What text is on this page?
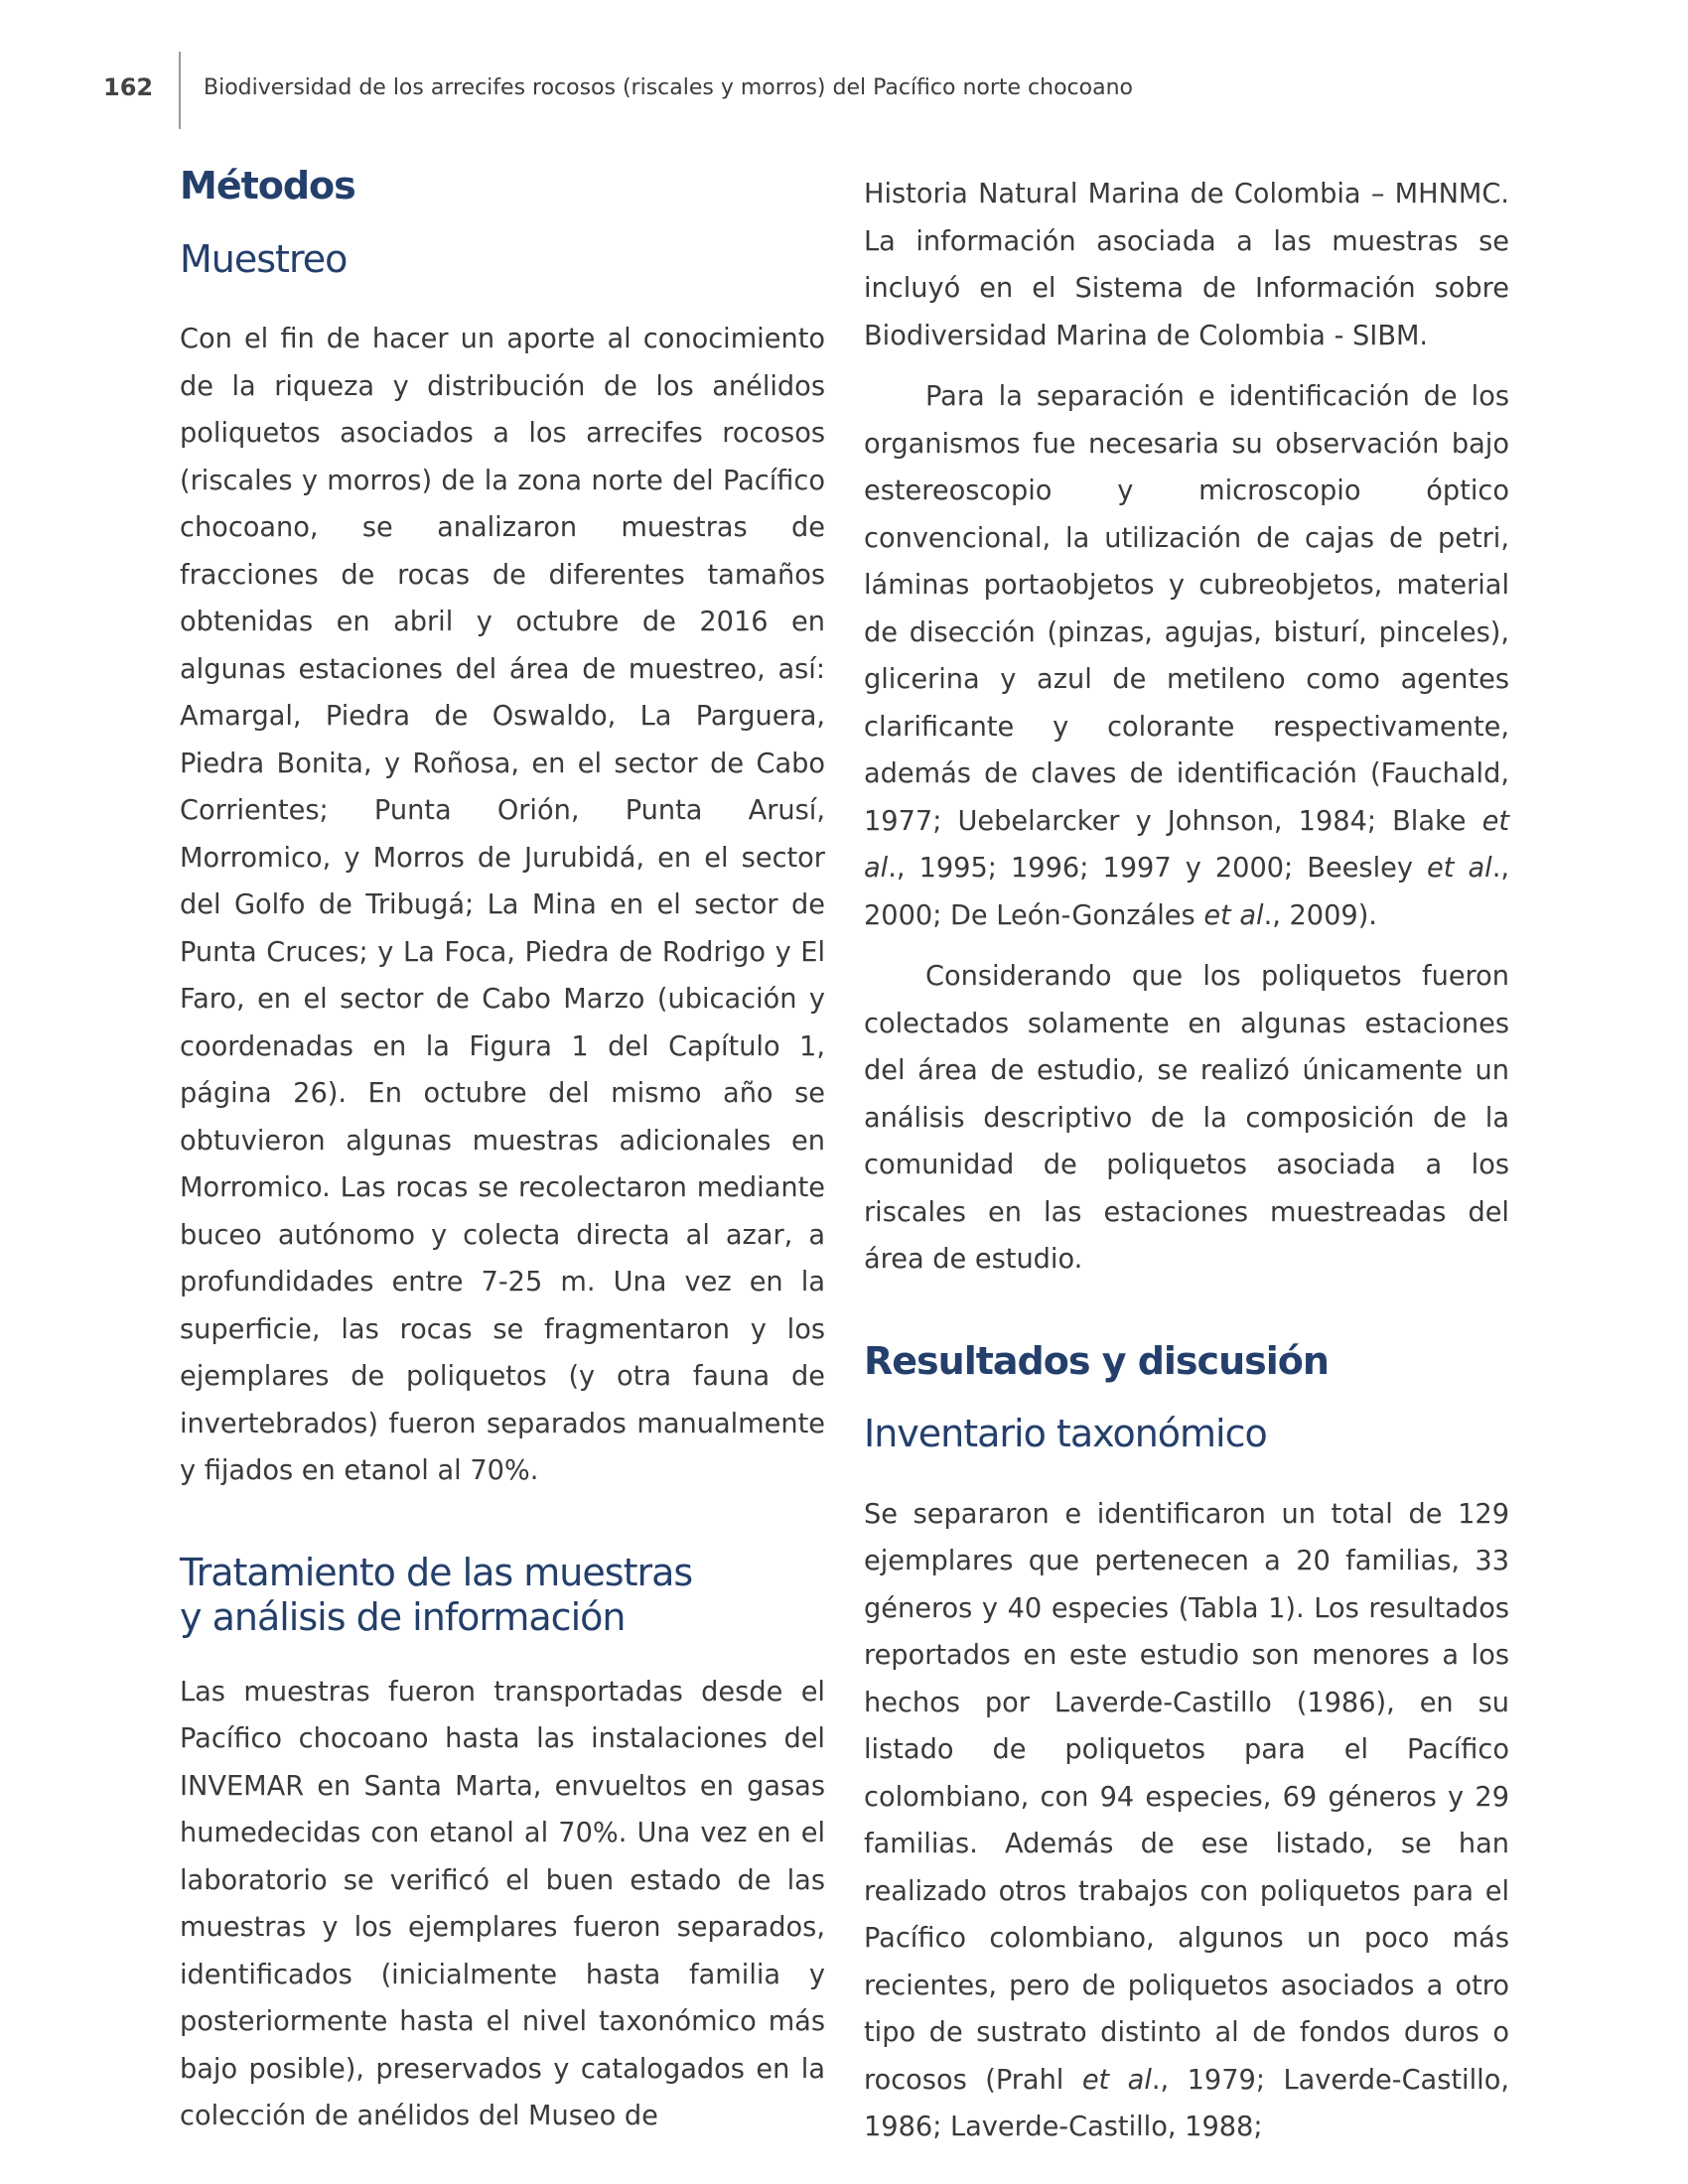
162 Biodiversidad de los arrecifes rocosos (riscales y morros) del Pacífico norte chocoano
Métodos
Muestreo

Con el fin de hacer un aporte al conocimiento de la riqueza y distribución de los anélidos poliquetos asociados a los arrecifes rocosos (riscales y morros) de la zona norte del Pacífico chocoano, se analizaron muestras de fracciones de rocas de diferentes tamaños obtenidas en abril y octubre de 2016 en algunas estaciones del área de muestreo, así: Amargal, Piedra de Oswaldo, La Parguera, Piedra Bonita, y Roñosa, en el sector de Cabo Corrientes; Punta Orión, Punta Arusí, Morromico, y Morros de Jurubidá, en el sector del Golfo de Tribugá; La Mina en el sector de Punta Cruces; y La Foca, Piedra de Rodrigo y El Faro, en el sector de Cabo Marzo (ubicación y coordenadas en la Figura 1 del Capítulo 1, página 26). En octubre del mismo año se obtuvieron algunas muestras adicionales en Morromico. Las rocas se recolectaron mediante buceo autónomo y colecta directa al azar, a profundidades entre 7-25 m. Una vez en la superficie, las rocas se fragmentaron y los ejemplares de poliquetos (y otra fauna de invertebrados) fueron separados manualmente y fijados en etanol al 70%.

Tratamiento de las muestras
y análisis de información

Las muestras fueron transportadas desde el Pacífico chocoano hasta las instalaciones del INVEMAR en Santa Marta, envueltos en gasas humedecidas con etanol al 70%. Una vez en el laboratorio se verificó el buen estado de las muestras y los ejemplares fueron separados, identificados (inicialmente hasta familia y posteriormente hasta el nivel taxonómico más bajo posible), preservados y catalogados en la colección de anélidos del Museo de

Historia Natural Marina de Colombia – MHNMC. La información asociada a las muestras se incluyó en el Sistema de Información sobre Biodiversidad Marina de Colombia - SIBM.

Para la separación e identificación de los organismos fue necesaria su observación bajo estereoscopio y microscopio óptico convencional, la utilización de cajas de petri, láminas portaobjetos y cubreobjetos, material de disección (pinzas, agujas, bisturí, pinceles), glicerina y azul de metileno como agentes clarificante y colorante respectivamente, además de claves de identificación (Fauchald, 1977; Uebelarcker y Johnson, 1984; Blake et al., 1995; 1996; 1997 y 2000; Beesley et al., 2000; De León-Gonzáles et al., 2009).

Considerando que los poliquetos fueron colectados solamente en algunas estaciones del área de estudio, se realizó únicamente un análisis descriptivo de la composición de la comunidad de poliquetos asociada a los riscales en las estaciones muestreadas del área de estudio.

Resultados y discusión
Inventario taxonómico

Se separaron e identificaron un total de 129 ejemplares que pertenecen a 20 familias, 33 géneros y 40 especies (Tabla 1). Los resultados reportados en este estudio son menores a los hechos por Laverde-Castillo (1986), en su listado de poliquetos para el Pacífico colombiano, con 94 especies, 69 géneros y 29 familias. Además de ese listado, se han realizado otros trabajos con poliquetos para el Pacífico colombiano, algunos un poco más recientes, pero de poliquetos asociados a otro tipo de sustrato distinto al de fondos duros o rocosos (Prahl et al., 1979; Laverde-Castillo, 1986; Laverde-Castillo, 1988;
